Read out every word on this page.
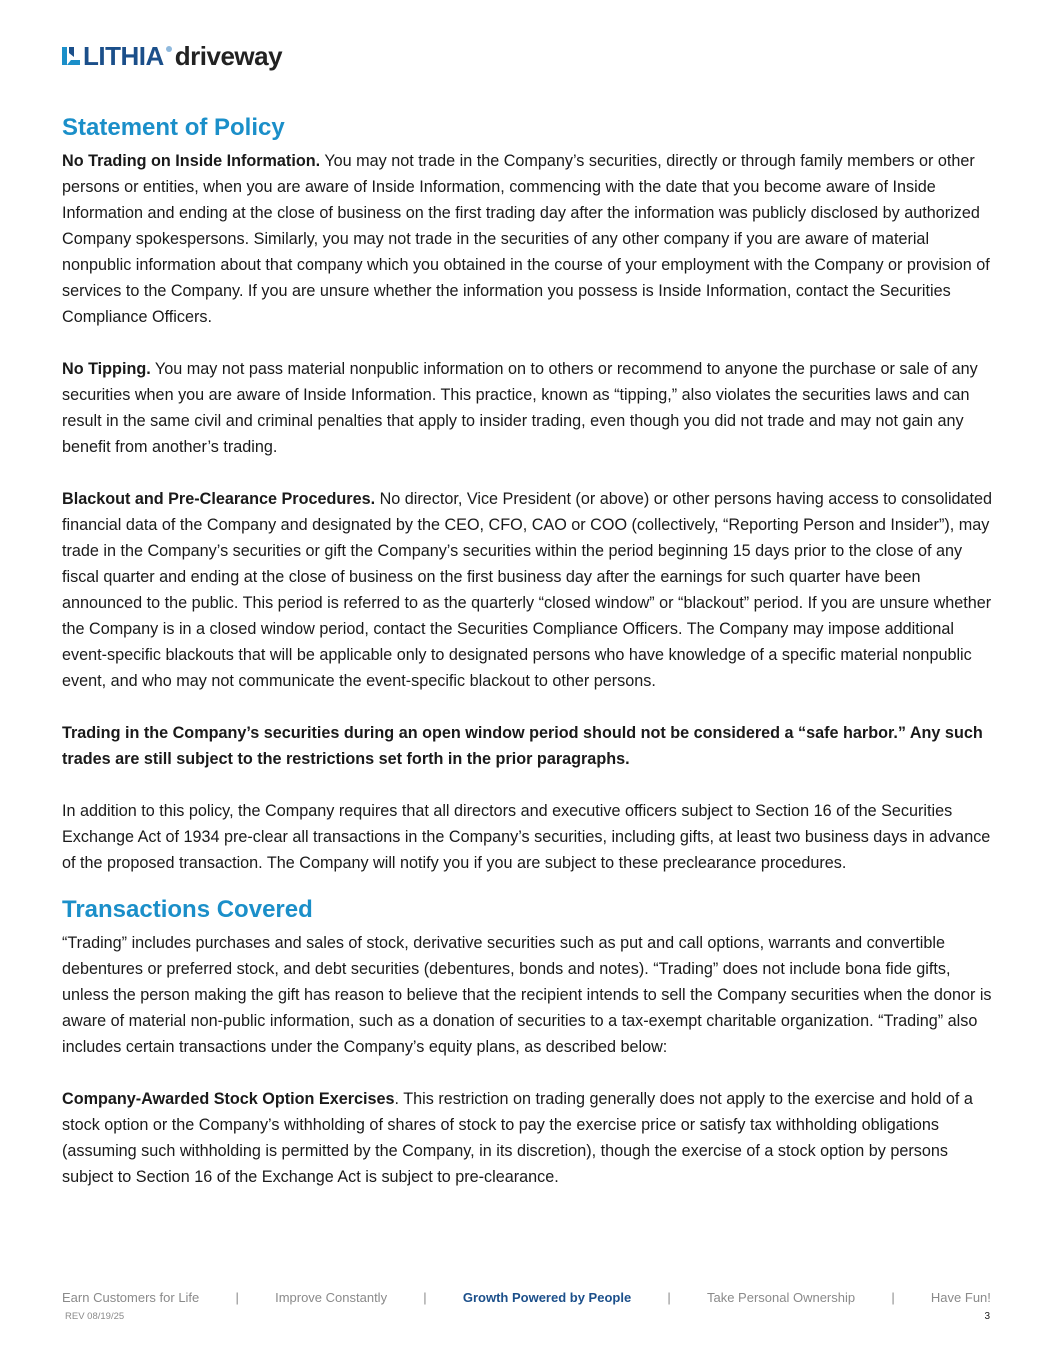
LITHIA driveway
Statement of Policy

No Trading on Inside Information. You may not trade in the Company’s securities, directly or through family members or other persons or entities, when you are aware of Inside Information, commencing with the date that you become aware of Inside Information and ending at the close of business on the first trading day after the information was publicly disclosed by authorized Company spokespersons. Similarly, you may not trade in the securities of any other company if you are aware of material nonpublic information about that company which you obtained in the course of your employment with the Company or provision of services to the Company. If you are unsure whether the information you possess is Inside Information, contact the Securities Compliance Officers.

No Tipping. You may not pass material nonpublic information on to others or recommend to anyone the purchase or sale of any securities when you are aware of Inside Information. This practice, known as “tipping,” also violates the securities laws and can result in the same civil and criminal penalties that apply to insider trading, even though you did not trade and may not gain any benefit from another’s trading.

Blackout and Pre-Clearance Procedures. No director, Vice President (or above) or other persons having access to consolidated financial data of the Company and designated by the CEO, CFO, CAO or COO (collectively, “Reporting Person and Insider”), may trade in the Company’s securities or gift the Company’s securities within the period beginning 15 days prior to the close of any fiscal quarter and ending at the close of business on the first business day after the earnings for such quarter have been announced to the public. This period is referred to as the quarterly “closed window” or “blackout” period. If you are unsure whether the Company is in a closed window period, contact the Securities Compliance Officers. The Company may impose additional event-specific blackouts that will be applicable only to designated persons who have knowledge of a specific material nonpublic event, and who may not communicate the event-specific blackout to other persons.

Trading in the Company’s securities during an open window period should not be considered a “safe harbor.” Any such trades are still subject to the restrictions set forth in the prior paragraphs.

In addition to this policy, the Company requires that all directors and executive officers subject to Section 16 of the Securities Exchange Act of 1934 pre-clear all transactions in the Company’s securities, including gifts, at least two business days in advance of the proposed transaction. The Company will notify you if you are subject to these preclearance procedures.

Transactions Covered

“Trading” includes purchases and sales of stock, derivative securities such as put and call options, warrants and convertible debentures or preferred stock, and debt securities (debentures, bonds and notes). “Trading” does not include bona fide gifts, unless the person making the gift has reason to believe that the recipient intends to sell the Company securities when the donor is aware of material non-public information, such as a donation of securities to a tax-exempt charitable organization. “Trading” also includes certain transactions under the Company’s equity plans, as described below:

Company-Awarded Stock Option Exercises. This restriction on trading generally does not apply to the exercise and hold of a stock option or the Company’s withholding of shares of stock to pay the exercise price or satisfy tax withholding obligations (assuming such withholding is permitted by the Company, in its discretion), though the exercise of a stock option by persons subject to Section 16 of the Exchange Act is subject to pre-clearance.

Earn Customers for Life	|	Improve Constantly	|	Growth Powered by People	|	Take Personal Ownership	|	Have Fun!
REV 08/19/25	3
